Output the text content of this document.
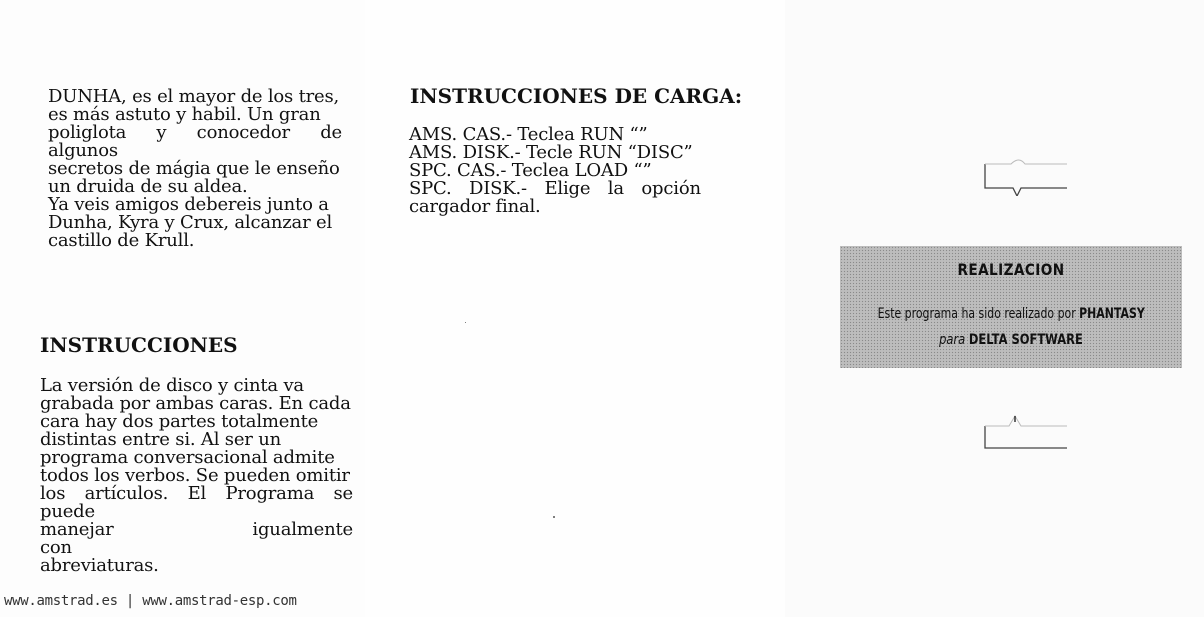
DUNHA, es el mayor de los tres,
es más astuto y habil. Un gran
poliglota y conocedor de algunos
secretos de mágia que le enseño
un druida de su aldea.
Ya veis amigos debereis junto a
Dunha, Kyra y Crux, alcanzar el
castillo de Krull.
INSTRUCCIONES
La versión de disco y cinta va
grabada por ambas caras. En cada
cara hay dos partes totalmente
distintas entre si. Al ser un
programa conversacional admite
todos los verbos. Se pueden omitir
los artículos. El Programa se puede
manejar igualmente con
abreviaturas.
INSTRUCCIONES DE CARGA:
AMS. CAS.- Teclea RUN “”
AMS. DISK.- Tecle RUN “DISC”
SPC. CAS.- Teclea LOAD “”
SPC. DISK.- Elige la opción
cargador final.
REALIZACION
Este programa ha sido realizado por PHANTASY
para DELTA SOFTWARE
www.amstrad.es | www.amstrad-esp.com
